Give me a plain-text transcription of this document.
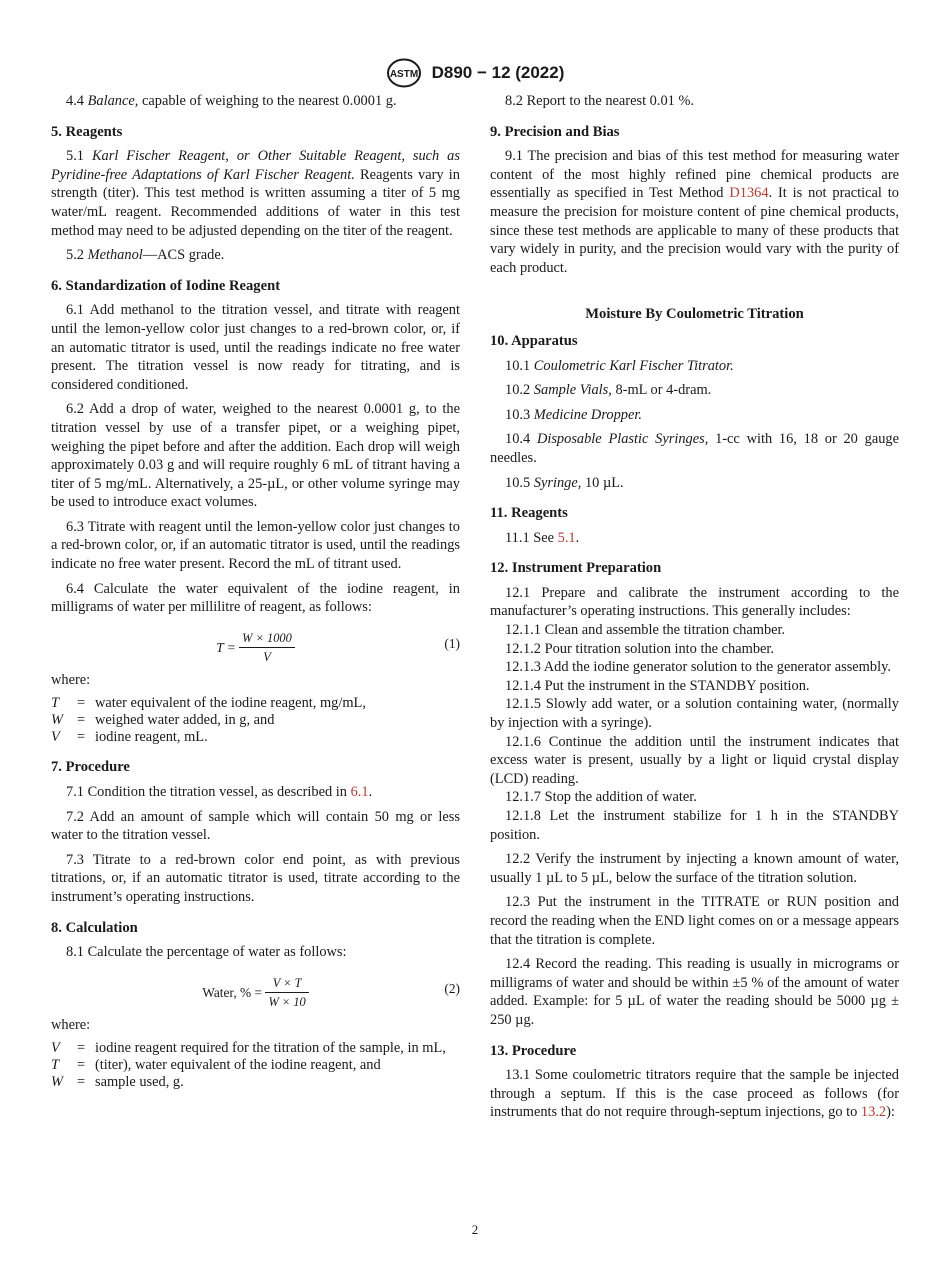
ASTM D890 − 12 (2022)

4.4 Balance, capable of weighing to the nearest 0.0001 g.

5. Reagents

5.1 Karl Fischer Reagent, or Other Suitable Reagent, such as Pyridine-free Adaptations of Karl Fischer Reagent. Reagents vary in strength (titer). This test method is written assuming a titer of 5 mg water/mL reagent. Recommended additions of water in this test method may need to be adjusted depending on the titer of the reagent.

5.2 Methanol—ACS grade.

6. Standardization of Iodine Reagent

6.1 Add methanol to the titration vessel, and titrate with reagent until the lemon-yellow color just changes to a red-brown color, or, if an automatic titrator is used, until the readings indicate no free water present. The titration vessel is now ready for titrating, and is considered conditioned.

6.2 Add a drop of water, weighed to the nearest 0.0001 g, to the titration vessel by use of a transfer pipet, or a weighing pipet, weighing the pipet before and after the addition. Each drop will weigh approximately 0.03 g and will require roughly 6 mL of titrant having a titer of 5 mg/mL. Alternatively, a 25-µL, or other volume syringe may be used to introduce exact volumes.

6.3 Titrate with reagent until the lemon-yellow color just changes to a red-brown color, or, if an automatic titrator is used, until the readings indicate no free water present. Record the mL of titrant used.

6.4 Calculate the water equivalent of the iodine reagent, in milligrams of water per millilitre of reagent, as follows:

$T = \frac{W \times 1000}{V}$	(1)

where:

T	=	water equivalent of the iodine reagent, mg/mL,
W	=	weighed water added, in g, and
V	=	iodine reagent, mL.
7. Procedure

7.1 Condition the titration vessel, as described in 6.1.

7.2 Add an amount of sample which will contain 50 mg or less water to the titration vessel.

7.3 Titrate to a red-brown color end point, as with previous titrations, or, if an automatic titrator is used, titrate according to the instrument’s operating instructions.

8. Calculation

8.1 Calculate the percentage of water as follows:

Water, % = $\frac{V \times T}{W \times 10}$	(2)

where:

V	=	iodine reagent required for the titration of the sample, in mL,
T	=	(titer), water equivalent of the iodine reagent, and
W	=	sample used, g.

8.2 Report to the nearest 0.01 %.

9. Precision and Bias

9.1 The precision and bias of this test method for measuring water content of the most highly refined pine chemical products are essentially as specified in Test Method D1364. It is not practical to measure the precision for moisture content of pine chemical products, since these test methods are applicable to many of these products that vary widely in purity, and the precision would vary with the purity of each product.

Moisture By Coulometric Titration
10. Apparatus

10.1 Coulometric Karl Fischer Titrator.

10.2 Sample Vials, 8-mL or 4-dram.

10.3 Medicine Dropper.

10.4 Disposable Plastic Syringes, 1-cc with 16, 18 or 20 gauge needles.

10.5 Syringe, 10 µL.

11. Reagents

11.1 See 5.1.

12. Instrument Preparation

12.1 Prepare and calibrate the instrument according to the manufacturer’s operating instructions. This generally includes:

12.1.1 Clean and assemble the titration chamber.

12.1.2 Pour titration solution into the chamber.

12.1.3 Add the iodine generator solution to the generator assembly.

12.1.4 Put the instrument in the STANDBY position.

12.1.5 Slowly add water, or a solution containing water, (normally by injection with a syringe).

12.1.6 Continue the addition until the instrument indicates that excess water is present, usually by a light or liquid crystal display (LCD) reading.

12.1.7 Stop the addition of water.

12.1.8 Let the instrument stabilize for 1 h in the STANDBY position.

12.2 Verify the instrument by injecting a known amount of water, usually 1 µL to 5 µL, below the surface of the titration solution.

12.3 Put the instrument in the TITRATE or RUN position and record the reading when the END light comes on or a message appears that the titration is complete.

12.4 Record the reading. This reading is usually in micrograms or milligrams of water and should be within ±5 % of the amount of water added. Example: for 5 µL of water the reading should be 5000 µg ± 250 µg.

13. Procedure

13.1 Some coulometric titrators require that the sample be injected through a septum. If this is the case proceed as follows (for instruments that do not require through-septum injections, go to 13.2):

2
